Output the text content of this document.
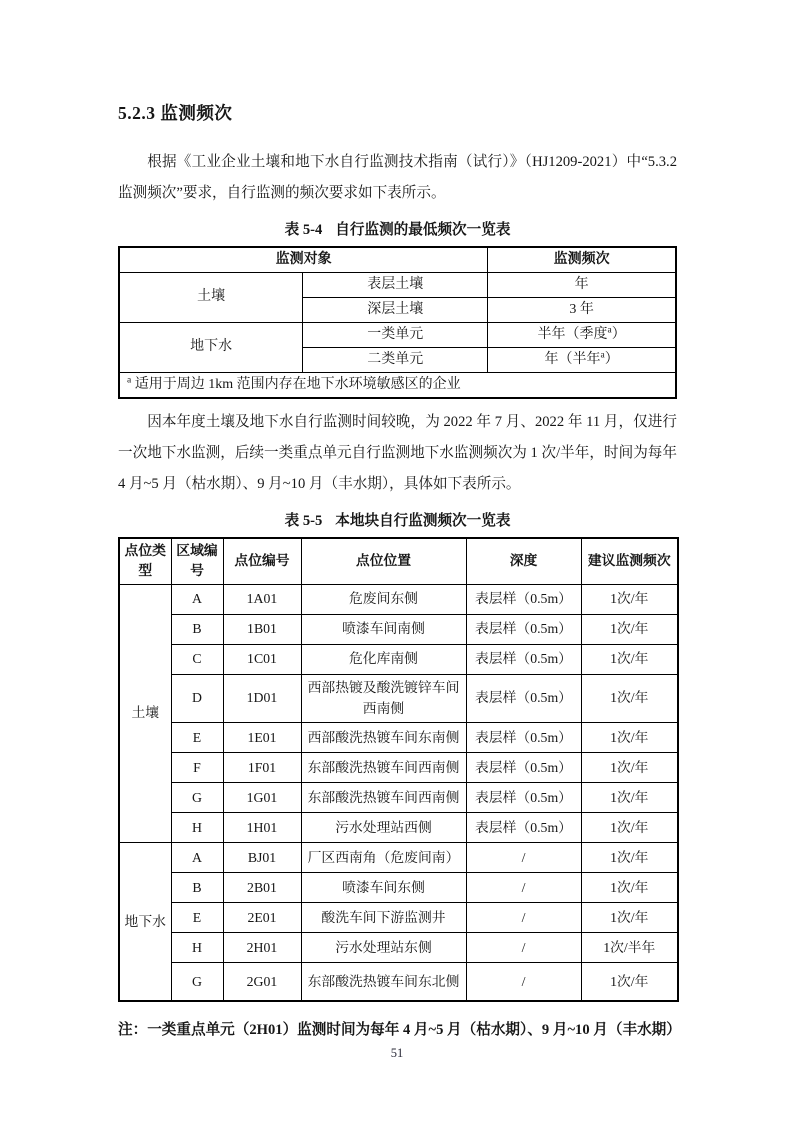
5.2.3 监测频次

根据《工业企业土壤和地下水自行监测技术指南（试行）》（HJ1209-2021）中“5.3.2 监测频次”要求，自行监测的频次要求如下表所示。

表 5-4 自行监测的最低频次一览表
监测对象		监测频次
土壤	表层土壤	年
	深层土壤	3 年
地下水	一类单元	半年（季度$^a$）
	二类单元	年（半年$^a$）
$^a$ 适用于周边 1km 范围内存在地下水环境敏感区的企业		

因本年度土壤及地下水自行监测时间较晚，为 2022 年 7 月、2022 年 11 月，仅进行一次地下水监测，后续一类重点单元自行监测地下水监测频次为 1 次/半年，时间为每年 4 月~5 月（枯水期）、9 月~10 月（丰水期），具体如下表所示。

表 5-5 本地块自行监测频次一览表
点位类型	区域编号	点位编号	点位位置	深度	建议监测频次
土壤	A	1A01	危废间东侧	表层样（0.5m）	1次/年
	B	1B01	喷漆车间南侧	表层样（0.5m）	1次/年
	C	1C01	危化库南侧	表层样（0.5m）	1次/年
	D	1D01	西部热镀及酸洗镀锌车间西南侧	表层样（0.5m）	1次/年
	E	1E01	西部酸洗热镀车间东南侧	表层样（0.5m）	1次/年
	F	1F01	东部酸洗热镀车间西南侧	表层样（0.5m）	1次/年
	G	1G01	东部酸洗热镀车间西南侧	表层样（0.5m）	1次/年
	H	1H01	污水处理站西侧	表层样（0.5m）	1次/年
地下水	A	BJ01	厂区西南角（危废间南）	/	1次/年
	B	2B01	喷漆车间东侧	/	1次/年
	E	2E01	酸洗车间下游监测井	/	1次/年
	H	2H01	污水处理站东侧	/	1次/半年
	G	2G01	东部酸洗热镀车间东北侧	/	1次/年

注：一类重点单元（2H01）监测时间为每年 4 月~5 月（枯水期）、9 月~10 月（丰水期）

51
